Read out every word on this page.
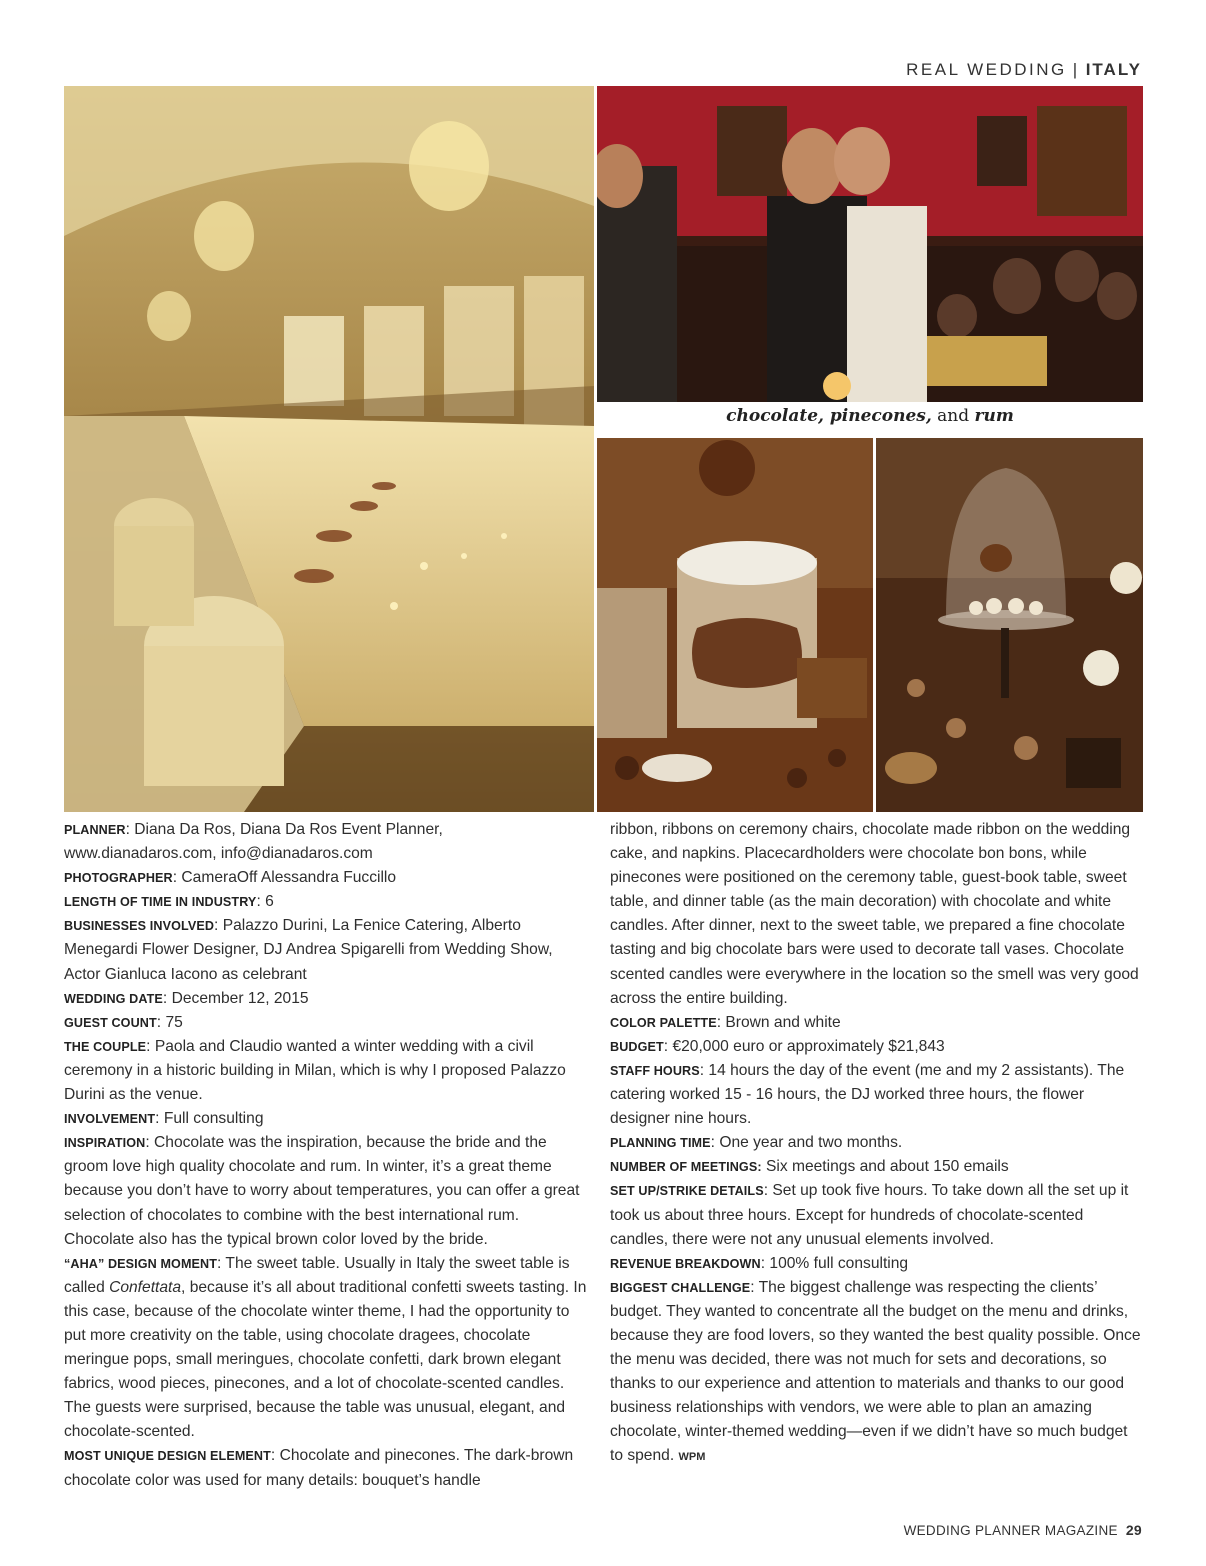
REAL WEDDING | ITALY
chocolate, pinecones, and rum

PLANNER: Diana Da Ros, Diana Da Ros Event Planner, www.dianadaros.com, info@dianadaros.com

PHOTOGRAPHER: CameraOff Alessandra Fuccillo

LENGTH OF TIME IN INDUSTRY: 6

BUSINESSES INVOLVED: Palazzo Durini, La Fenice Catering, Alberto Menegardi Flower Designer, DJ Andrea Spigarelli from Wedding Show, Actor Gianluca Iacono as celebrant

WEDDING DATE: December 12, 2015

GUEST COUNT: 75

THE COUPLE: Paola and Claudio wanted a winter wedding with a civil ceremony in a historic building in Milan, which is why I proposed Palazzo Durini as the venue.

INVOLVEMENT: Full consulting

INSPIRATION: Chocolate was the inspiration, because the bride and the groom love high quality chocolate and rum. In winter, it’s a great theme because you don’t have to worry about temperatures, you can offer a great selection of chocolates to combine with the best international rum. Chocolate also has the typical brown color loved by the bride.

“AHA” DESIGN MOMENT: The sweet table. Usually in Italy the sweet table is called Confettata, because it’s all about traditional confetti sweets tasting. In this case, because of the chocolate winter theme, I had the opportunity to put more creativity on the table, using chocolate dragees, chocolate meringue pops, small meringues, chocolate confetti, dark brown elegant fabrics, wood pieces, pinecones, and a lot of chocolate-scented candles. The guests were surprised, because the table was unusual, elegant, and chocolate-scented.

MOST UNIQUE DESIGN ELEMENT: Chocolate and pinecones. The dark-brown chocolate color was used for many details: bouquet’s handle

ribbon, ribbons on ceremony chairs, chocolate made ribbon on the wedding cake, and napkins. Placecardholders were chocolate bon bons, while pinecones were positioned on the ceremony table, guest-book table, sweet table, and dinner table (as the main decoration) with chocolate and white candles. After dinner, next to the sweet table, we prepared a fine chocolate tasting and big chocolate bars were used to decorate tall vases. Chocolate scented candles were everywhere in the location so the smell was very good across the entire building.

COLOR PALETTE: Brown and white

BUDGET: €20,000 euro or approximately $21,843

STAFF HOURS: 14 hours the day of the event (me and my 2 assistants). The catering worked 15 - 16 hours, the DJ worked three hours, the flower designer nine hours.

PLANNING TIME: One year and two months.

NUMBER OF MEETINGS: Six meetings and about 150 emails

SET UP/STRIKE DETAILS: Set up took five hours. To take down all the set up it took us about three hours. Except for hundreds of chocolate-scented candles, there were not any unusual elements involved.

REVENUE BREAKDOWN: 100% full consulting

BIGGEST CHALLENGE: The biggest challenge was respecting the clients’ budget. They wanted to concentrate all the budget on the menu and drinks, because they are food lovers, so they wanted the best quality possible. Once the menu was decided, there was not much for sets and decorations, so thanks to our experience and attention to materials and thanks to our good business relationships with vendors, we were able to plan an amazing chocolate, winter-themed wedding—even if we didn’t have so much budget to spend. WPM

WEDDING PLANNER MAGAZINE 29
